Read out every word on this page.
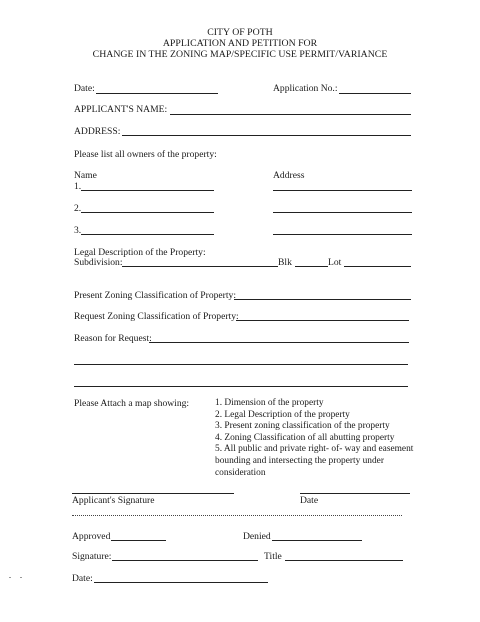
CITY OF POTH
APPLICATION AND PETITION FOR
CHANGE IN THE ZONING MAP/SPECIFIC USE PERMIT/VARIANCE
Date:	Application No.:
APPLICANT'S NAME:
ADDRESS:
Please list all owners of the property:
Name	Address
1.
2.
3.
Legal Description of the Property:
Subdivision:	Blk	Lot
Present Zoning Classification of Property:
Request Zoning Classification of Property:
Reason for Request:
Please Attach a map showing:	1. Dimension of the property
2. Legal Description of the property
3. Present zoning classification of the property
4. Zoning Classification of all abutting property
5. All public and private right- of- way and easement bounding and intersecting the property under consideration
Applicant's Signature	Date
Approved	Denied
Signature:	Title
Date:
